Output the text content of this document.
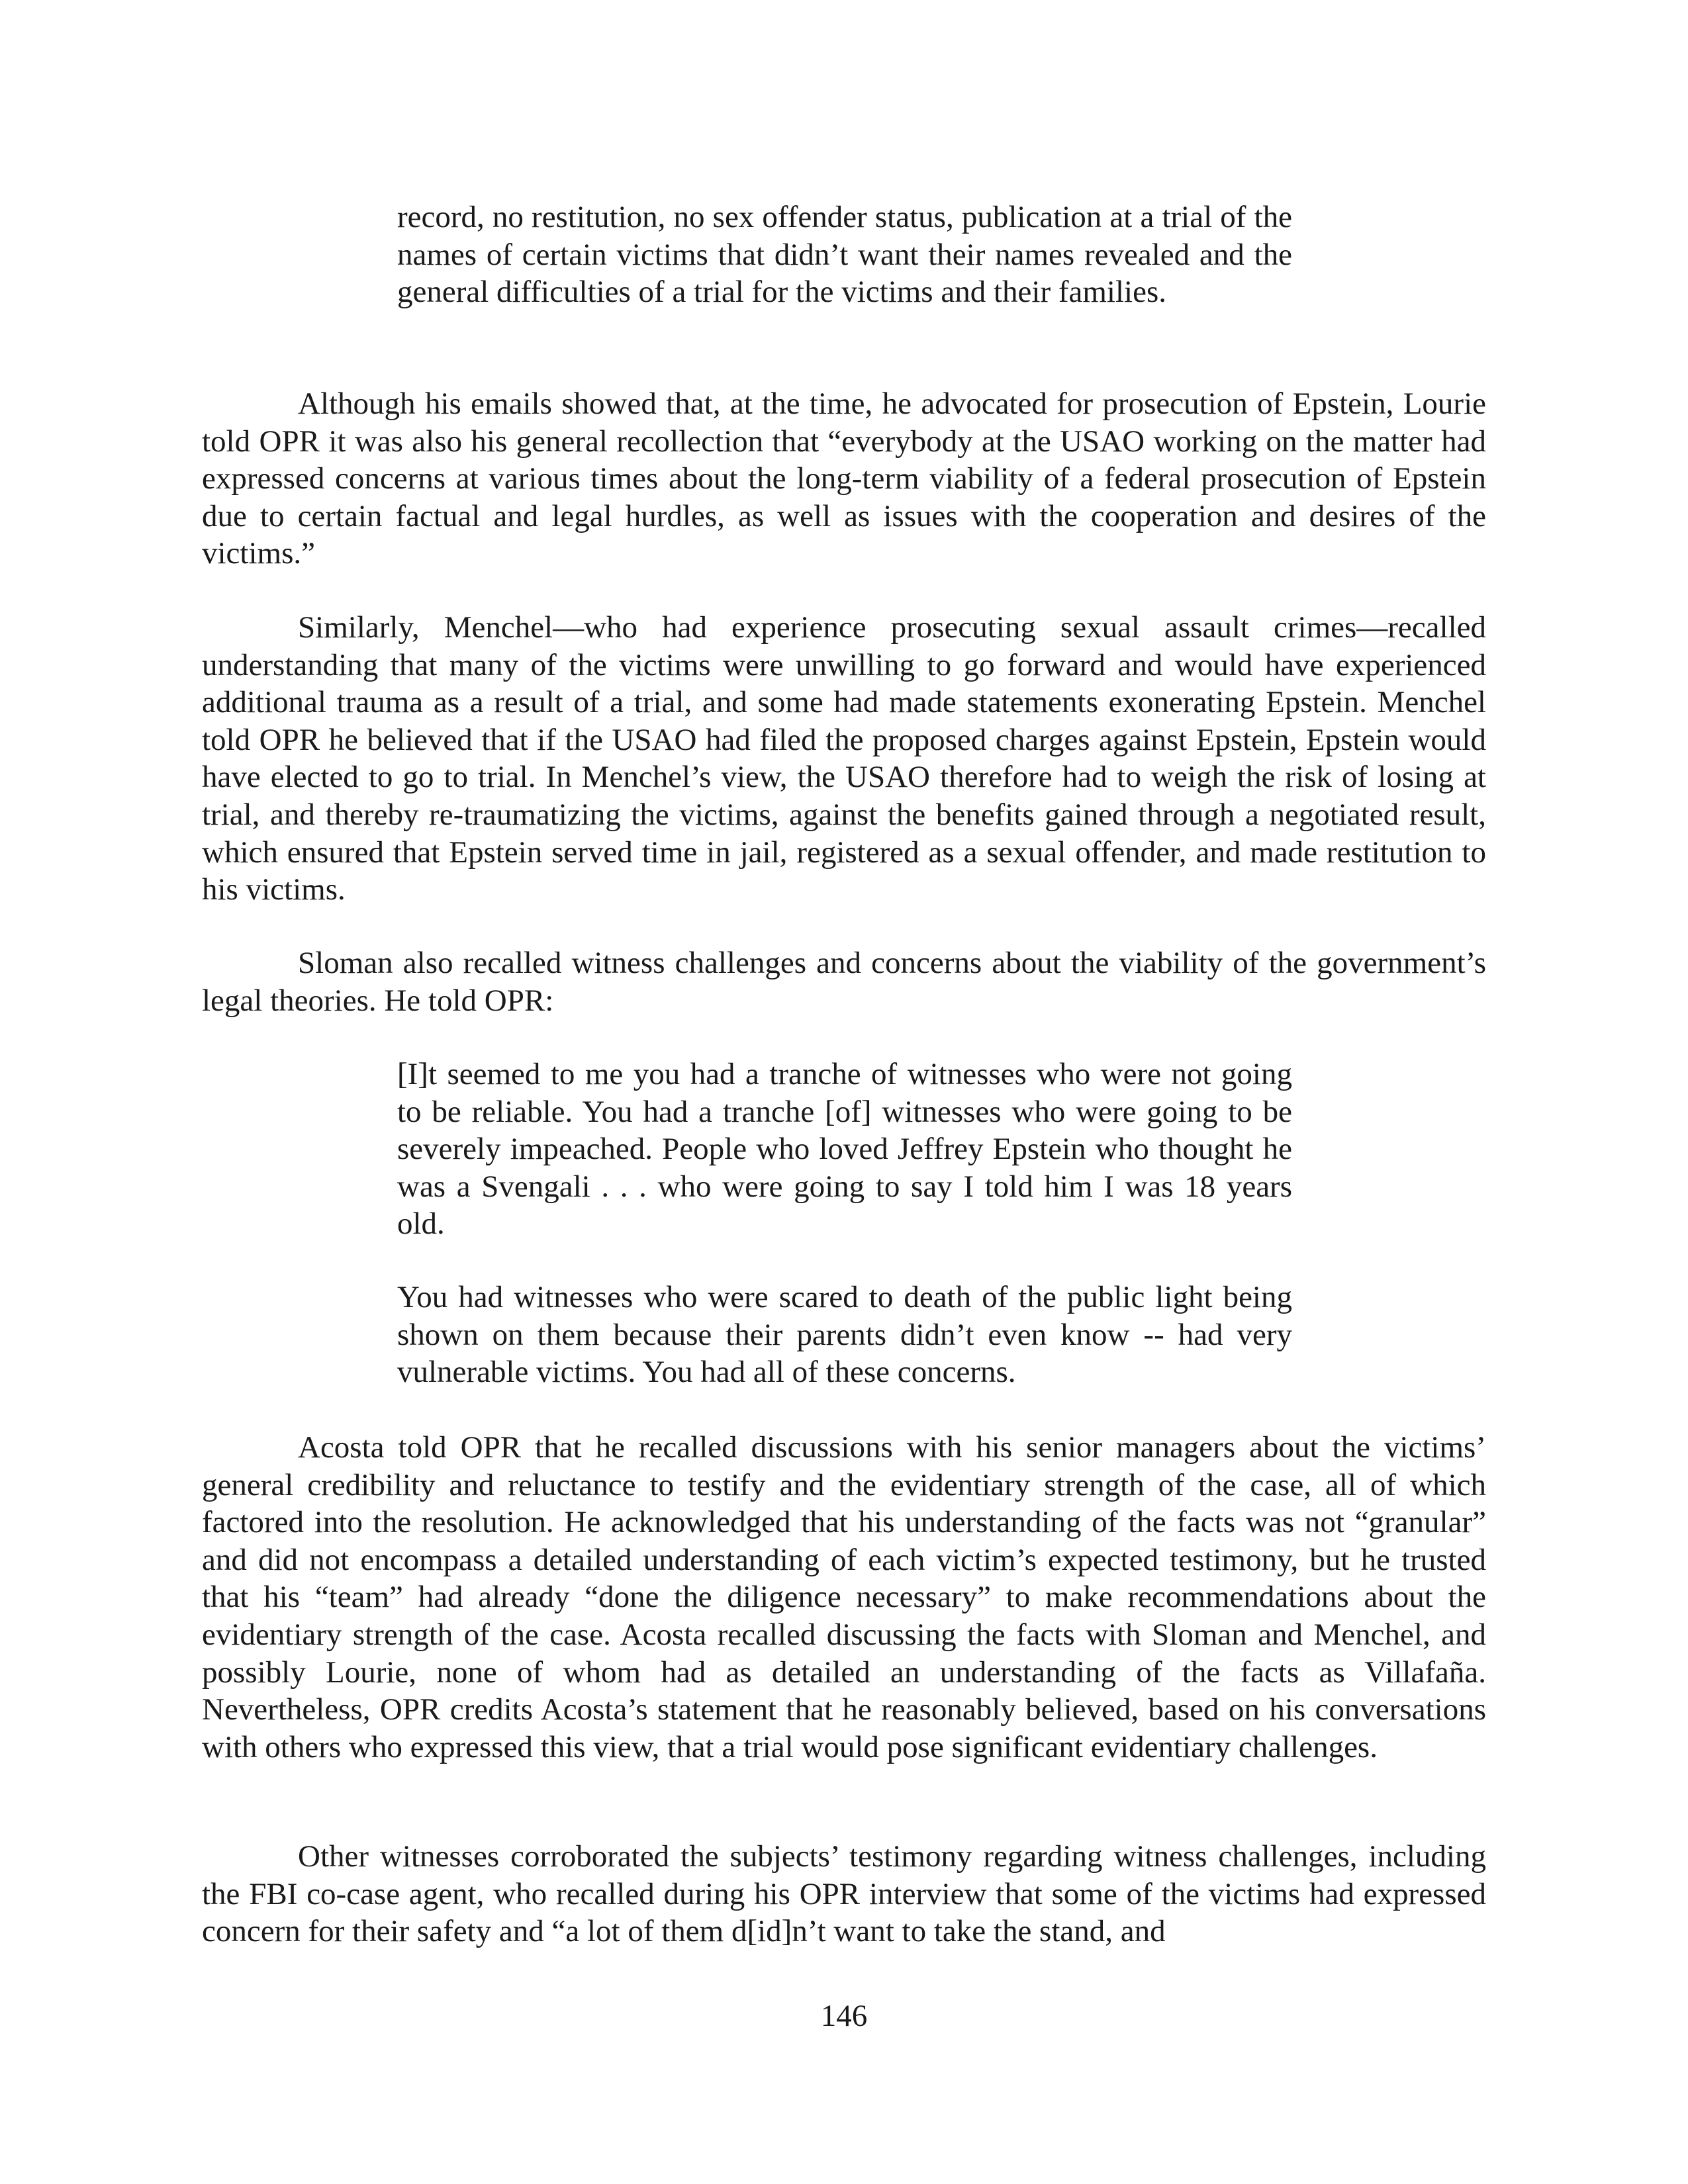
record, no restitution, no sex offender status, publication at a trial of the names of certain victims that didn’t want their names revealed and the general difficulties of a trial for the victims and their families.

Although his emails showed that, at the time, he advocated for prosecution of Epstein, Lourie told OPR it was also his general recollection that “everybody at the USAO working on the matter had expressed concerns at various times about the long-term viability of a federal prosecution of Epstein due to certain factual and legal hurdles, as well as issues with the cooperation and desires of the victims.”

Similarly, Menchel—who had experience prosecuting sexual assault crimes—recalled understanding that many of the victims were unwilling to go forward and would have experienced additional trauma as a result of a trial, and some had made statements exonerating Epstein. Menchel told OPR he believed that if the USAO had filed the proposed charges against Epstein, Epstein would have elected to go to trial. In Menchel’s view, the USAO therefore had to weigh the risk of losing at trial, and thereby re-traumatizing the victims, against the benefits gained through a negotiated result, which ensured that Epstein served time in jail, registered as a sexual offender, and made restitution to his victims.

Sloman also recalled witness challenges and concerns about the viability of the government’s legal theories. He told OPR:

[I]t seemed to me you had a tranche of witnesses who were not going to be reliable. You had a tranche [of] witnesses who were going to be severely impeached. People who loved Jeffrey Epstein who thought he was a Svengali . . . who were going to say I told him I was 18 years old.

You had witnesses who were scared to death of the public light being shown on them because their parents didn’t even know -- had very vulnerable victims. You had all of these concerns.

Acosta told OPR that he recalled discussions with his senior managers about the victims’ general credibility and reluctance to testify and the evidentiary strength of the case, all of which factored into the resolution. He acknowledged that his understanding of the facts was not “granular” and did not encompass a detailed understanding of each victim’s expected testimony, but he trusted that his “team” had already “done the diligence necessary” to make recommendations about the evidentiary strength of the case. Acosta recalled discussing the facts with Sloman and Menchel, and possibly Lourie, none of whom had as detailed an understanding of the facts as Villafaña. Nevertheless, OPR credits Acosta’s statement that he reasonably believed, based on his conversations with others who expressed this view, that a trial would pose significant evidentiary challenges.

Other witnesses corroborated the subjects’ testimony regarding witness challenges, including the FBI co-case agent, who recalled during his OPR interview that some of the victims had expressed concern for their safety and “a lot of them d[id]n’t want to take the stand, and

146
